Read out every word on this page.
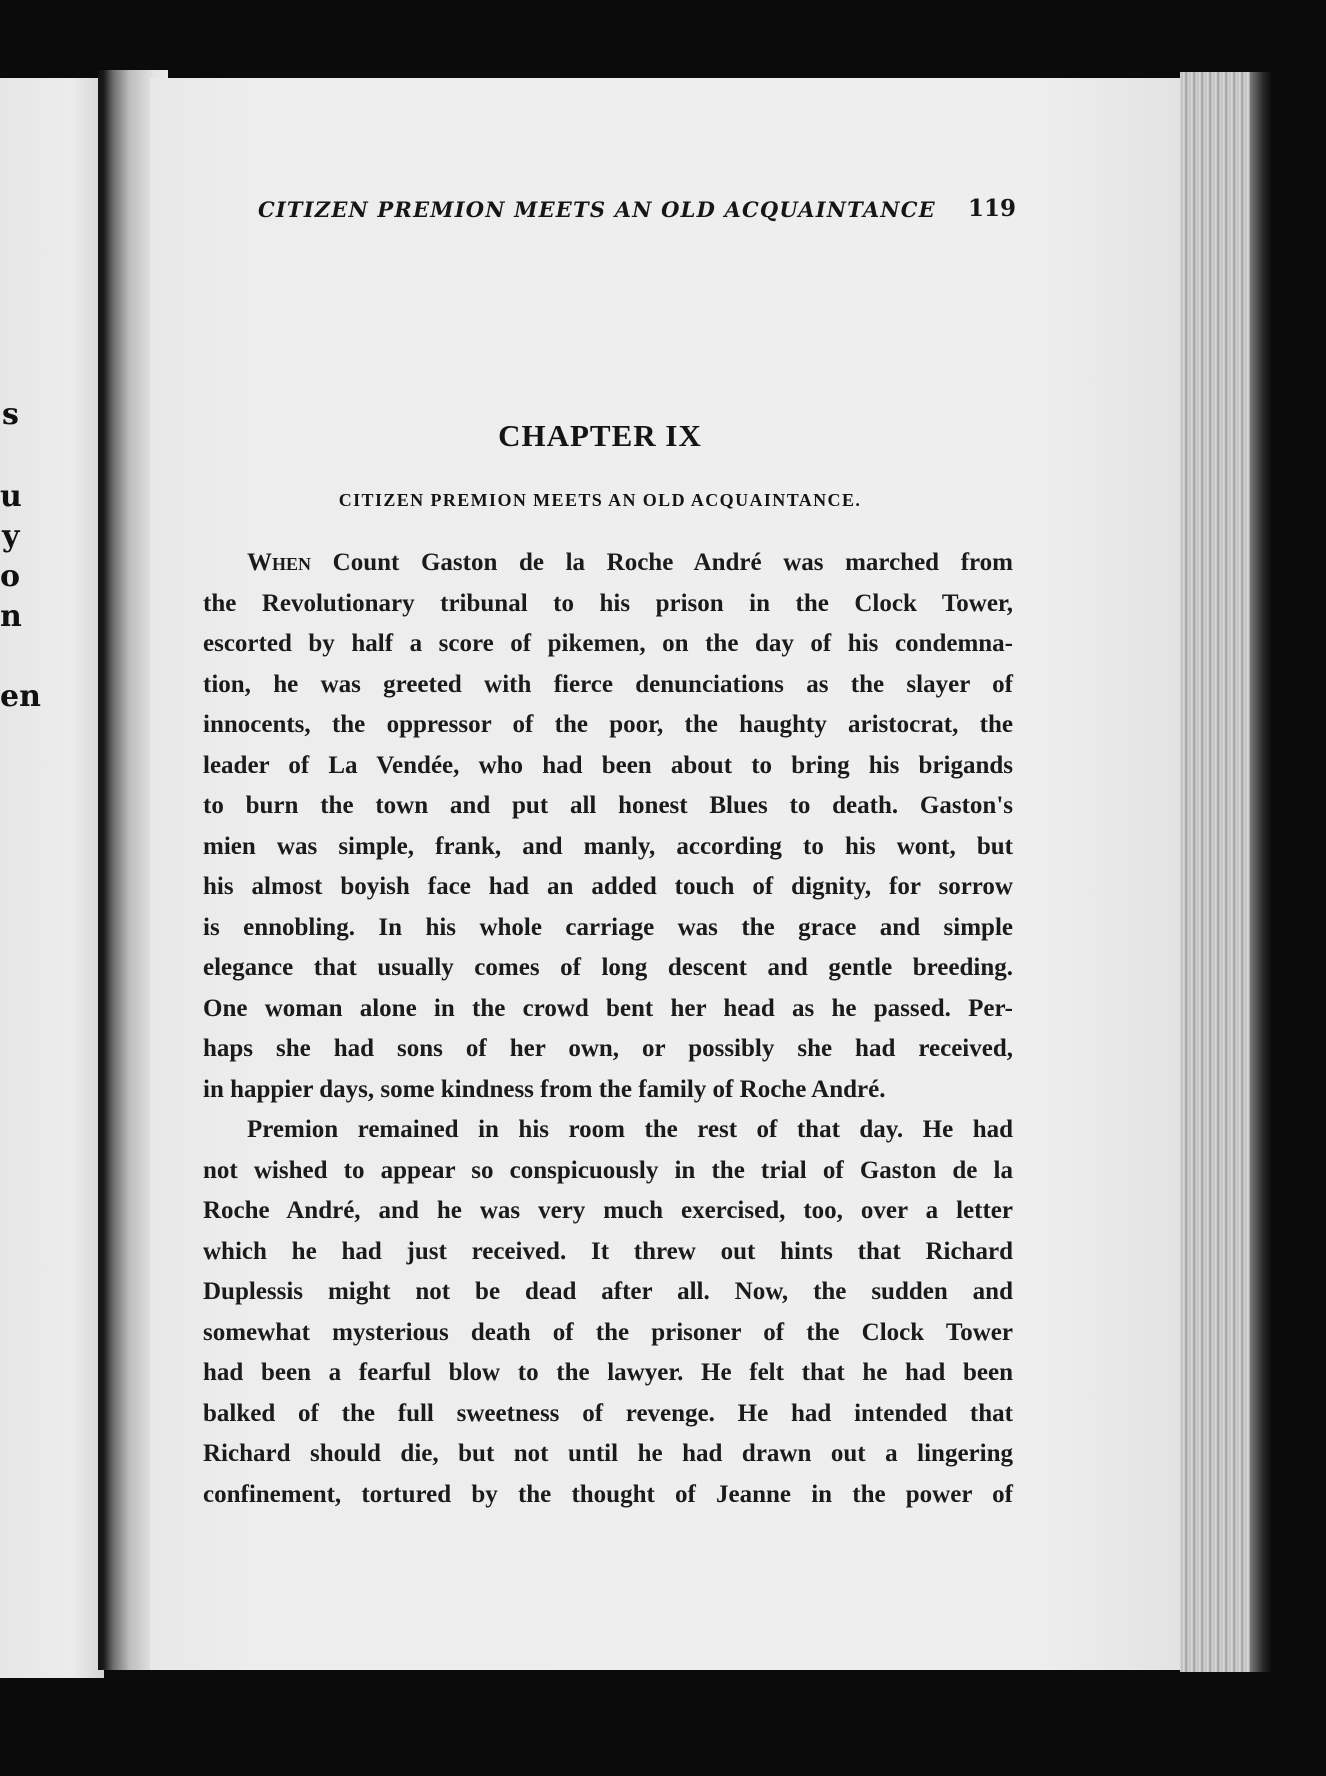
s
u
y
o
n
en
CITIZEN PREMION MEETS AN OLD ACQUAINTANCE	119
CHAPTER IX
CITIZEN PREMION MEETS AN OLD ACQUAINTANCE.
When Count Gaston de la Roche André was marched from
the Revolutionary tribunal to his prison in the Clock Tower,
escorted by half a score of pikemen, on the day of his condemna-
tion, he was greeted with fierce denunciations as the slayer of
innocents, the oppressor of the poor, the haughty aristocrat, the
leader of La Vendée, who had been about to bring his brigands
to burn the town and put all honest Blues to death. Gaston's
mien was simple, frank, and manly, according to his wont, but
his almost boyish face had an added touch of dignity, for sorrow
is ennobling. In his whole carriage was the grace and simple
elegance that usually comes of long descent and gentle breeding.
One woman alone in the crowd bent her head as he passed. Per-
haps she had sons of her own, or possibly she had received,
in happier days, some kindness from the family of Roche André.
Premion remained in his room the rest of that day. He had
not wished to appear so conspicuously in the trial of Gaston de la
Roche André, and he was very much exercised, too, over a letter
which he had just received. It threw out hints that Richard
Duplessis might not be dead after all. Now, the sudden and
somewhat mysterious death of the prisoner of the Clock Tower
had been a fearful blow to the lawyer. He felt that he had been
balked of the full sweetness of revenge. He had intended that
Richard should die, but not until he had drawn out a lingering
confinement, tortured by the thought of Jeanne in the power of
